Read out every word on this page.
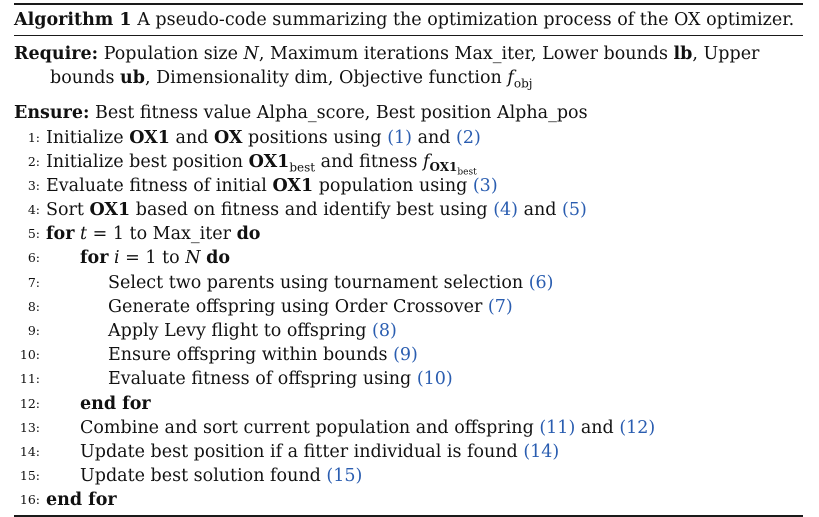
Algorithm 1 A pseudo-code summarizing the optimization process of the OX optimizer.
Require: Population size N, Maximum iterations Max_iter, Lower bounds lb, Upper bounds ub, Dimensionality dim, Objective function $f_{obj}$
Ensure: Best fitness value Alpha_score, Best position Alpha_pos
1: Initialize OX1 and OX positions using (1) and (2)
2: Initialize best position $OX1_{best}$ and fitness $f_{OX1_{best}}$
3: Evaluate fitness of initial OX1 population using (3)
4: Sort OX1 based on fitness and identify best using (4) and (5)
5: for t = 1 to Max_iter do
6: for i = 1 to N do
7:	Select two parents using tournament selection (6)
8:	Generate offspring using Order Crossover (7)
9:	Apply Levy flight to offspring (8)
10:	Ensure offspring within bounds (9)
11:	Evaluate fitness of offspring using (10)
12: end for
13: Combine and sort current population and offspring (11) and (12)
14: Update best position if a fitter individual is found (14)
15: Update best solution found (15)
16: end for
